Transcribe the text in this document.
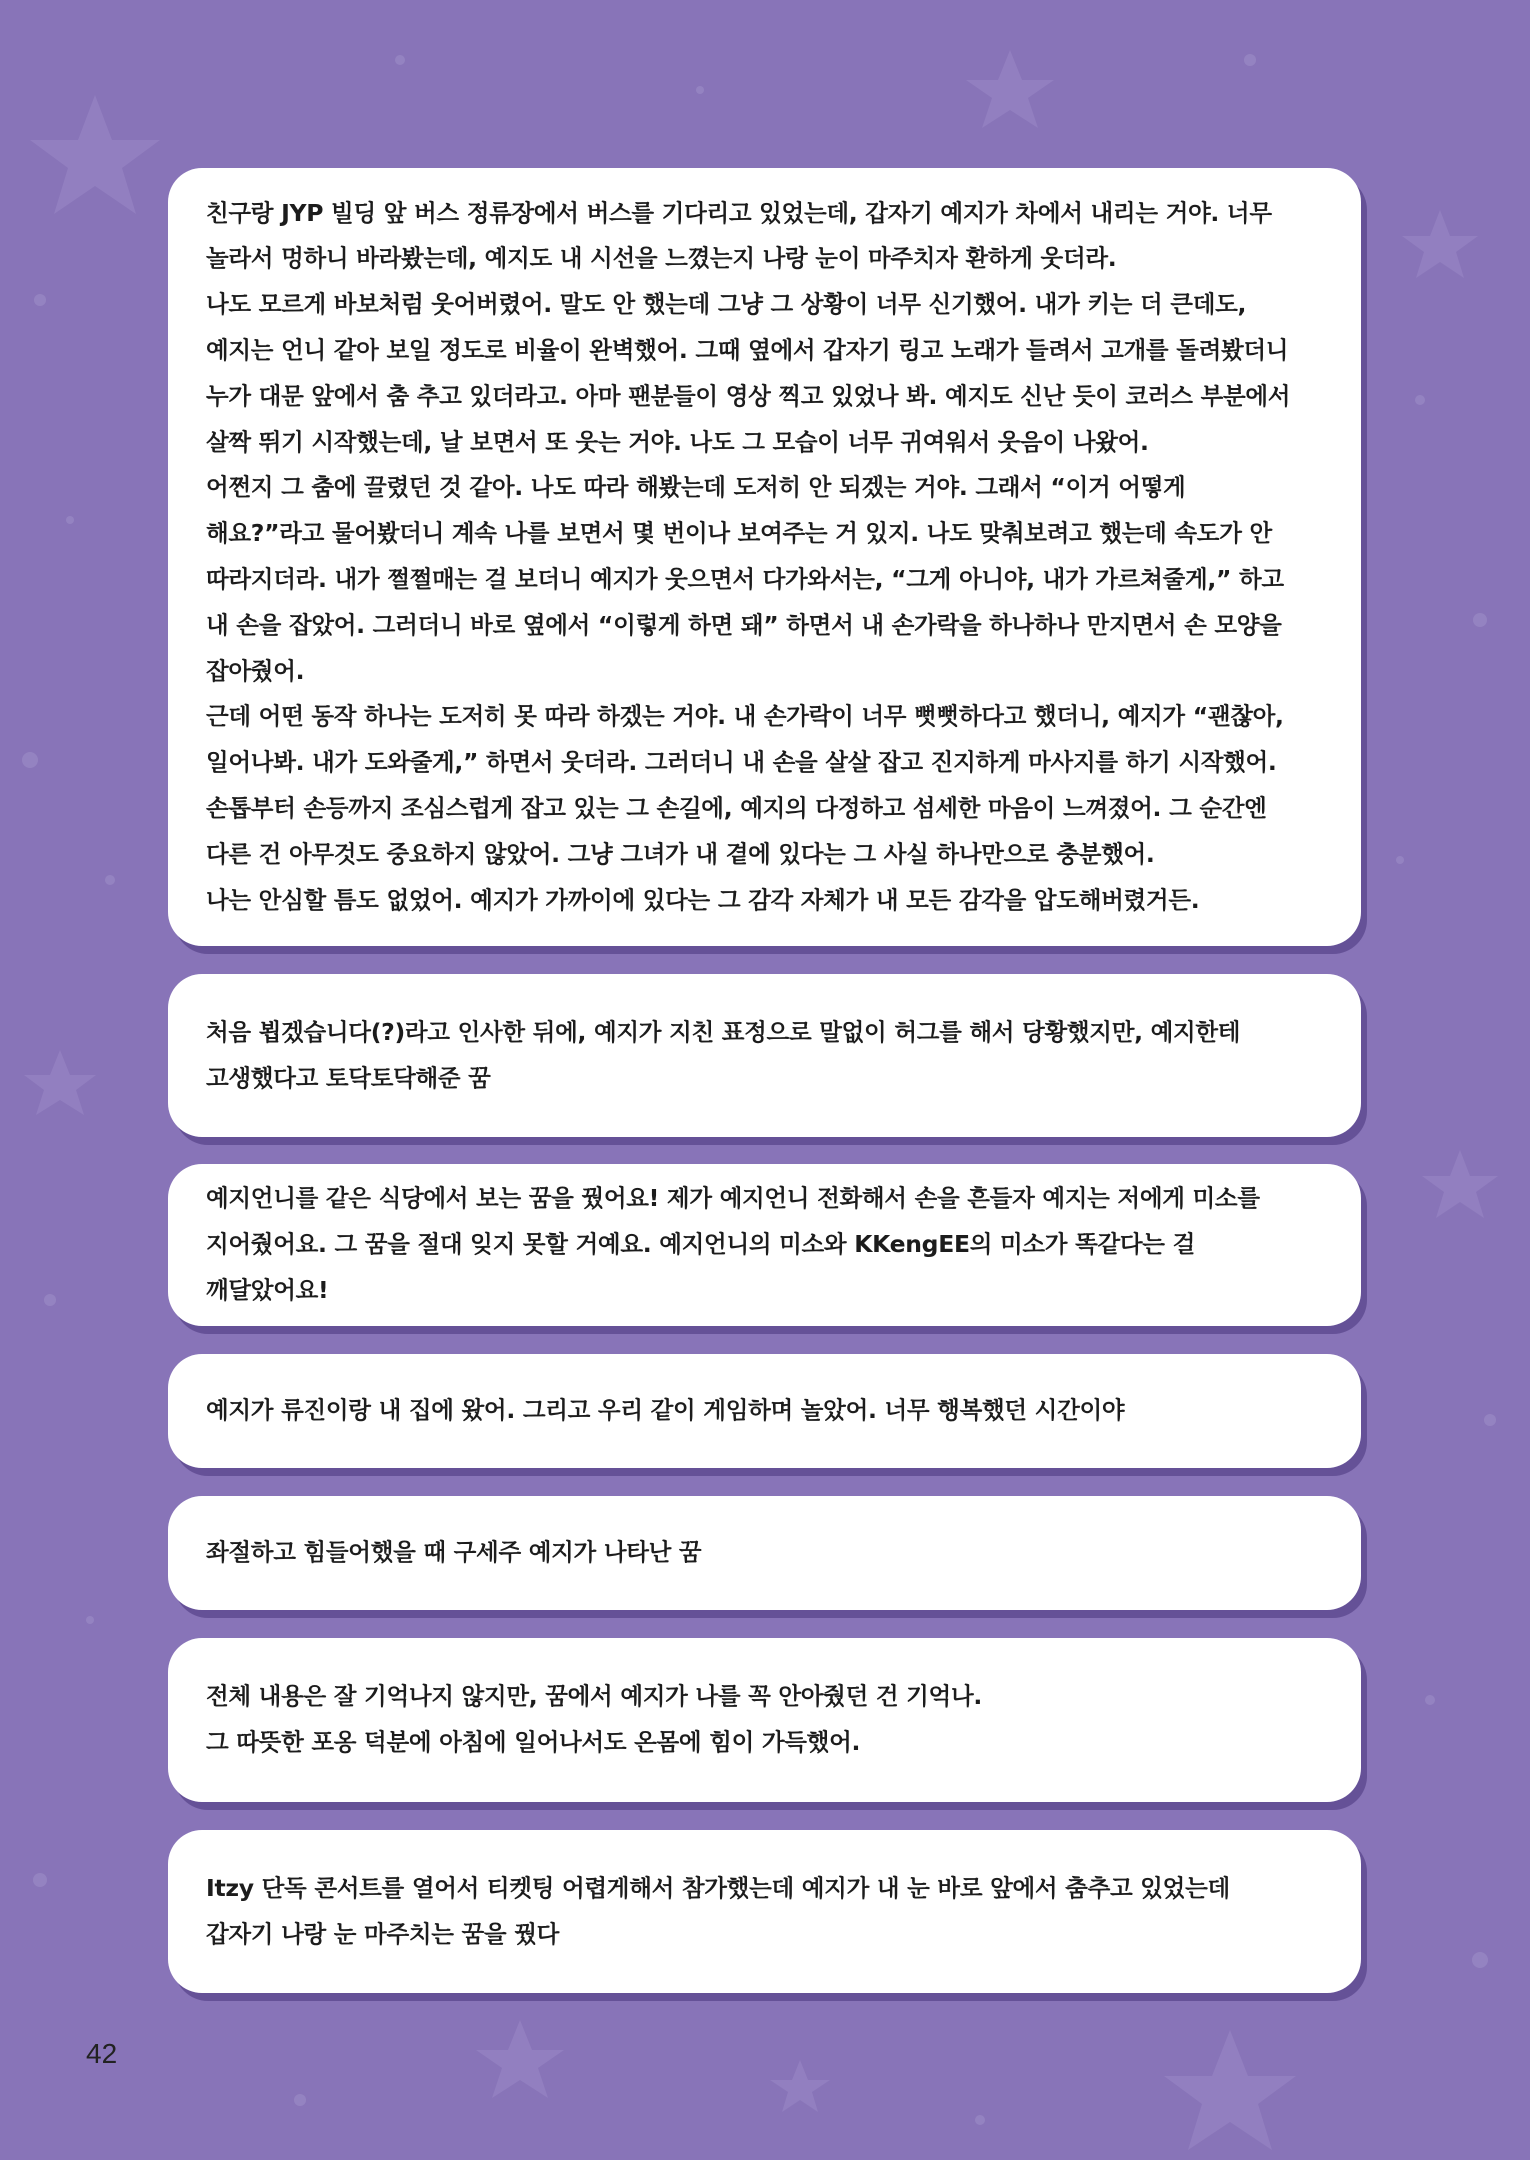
친구랑 JYP 빌딩 앞 버스 정류장에서 버스를 기다리고 있었는데, 갑자기 예지가 차에서 내리는 거야. 너무 놀라서 멍하니 바라봤는데, 예지도 내 시선을 느꼈는지 나랑 눈이 마주치자 환하게 웃더라.

나도 모르게 바보처럼 웃어버렸어. 말도 안 했는데 그냥 그 상황이 너무 신기했어. 내가 키는 더 큰데도, 예지는 언니 같아 보일 정도로 비율이 완벽했어. 그때 옆에서 갑자기 링고 노래가 들려서 고개를 돌려봤더니 누가 대문 앞에서 춤 추고 있더라고. 아마 팬분들이 영상 찍고 있었나 봐. 예지도 신난 듯이 코러스 부분에서 살짝 뛰기 시작했는데, 날 보면서 또 웃는 거야. 나도 그 모습이 너무 귀여워서 웃음이 나왔어.

어쩐지 그 춤에 끌렸던 것 같아. 나도 따라 해봤는데 도저히 안 되겠는 거야. 그래서 “이거 어떻게 해요?”라고 물어봤더니 계속 나를 보면서 몇 번이나 보여주는 거 있지. 나도 맞춰보려고 했는데 속도가 안 따라지더라. 내가 쩔쩔매는 걸 보더니 예지가 웃으면서 다가와서는, “그게 아니야, 내가 가르쳐줄게,” 하고 내 손을 잡았어. 그러더니 바로 옆에서 “이렇게 하면 돼” 하면서 내 손가락을 하나하나 만지면서 손 모양을 잡아줬어.

근데 어떤 동작 하나는 도저히 못 따라 하겠는 거야. 내 손가락이 너무 뻣뻣하다고 했더니, 예지가 “괜찮아, 일어나봐. 내가 도와줄게,” 하면서 웃더라. 그러더니 내 손을 살살 잡고 진지하게 마사지를 하기 시작했어. 손톱부터 손등까지 조심스럽게 잡고 있는 그 손길에, 예지의 다정하고 섬세한 마음이 느껴졌어. 그 순간엔 다른 건 아무것도 중요하지 않았어. 그냥 그녀가 내 곁에 있다는 그 사실 하나만으로 충분했어.

나는 안심할 틈도 없었어. 예지가 가까이에 있다는 그 감각 자체가 내 모든 감각을 압도해버렸거든.

처음 뵙겠습니다(?)라고 인사한 뒤에, 예지가 지친 표정으로 말없이 허그를 해서 당황했지만, 예지한테 고생했다고 토닥토닥해준 꿈

예지언니를 같은 식당에서 보는 꿈을 꿨어요! 제가 예지언니 전화해서 손을 흔들자 예지는 저에게 미소를 지어줬어요. 그 꿈을 절대 잊지 못할 거예요. 예지언니의 미소와 KKengEE의 미소가 똑같다는 걸 깨달았어요!

예지가 류진이랑 내 집에 왔어. 그리고 우리 같이 게임하며 놀았어. 너무 행복했던 시간이야

좌절하고 힘들어했을 때 구세주 예지가 나타난 꿈

전체 내용은 잘 기억나지 않지만, 꿈에서 예지가 나를 꼭 안아줬던 건 기억나.

그 따뜻한 포옹 덕분에 아침에 일어나서도 온몸에 힘이 가득했어.

Itzy 단독 콘서트를 열어서 티켓팅 어렵게해서 참가했는데 예지가 내 눈 바로 앞에서 춤추고 있었는데 갑자기 나랑 눈 마주치는 꿈을 꿨다

42
